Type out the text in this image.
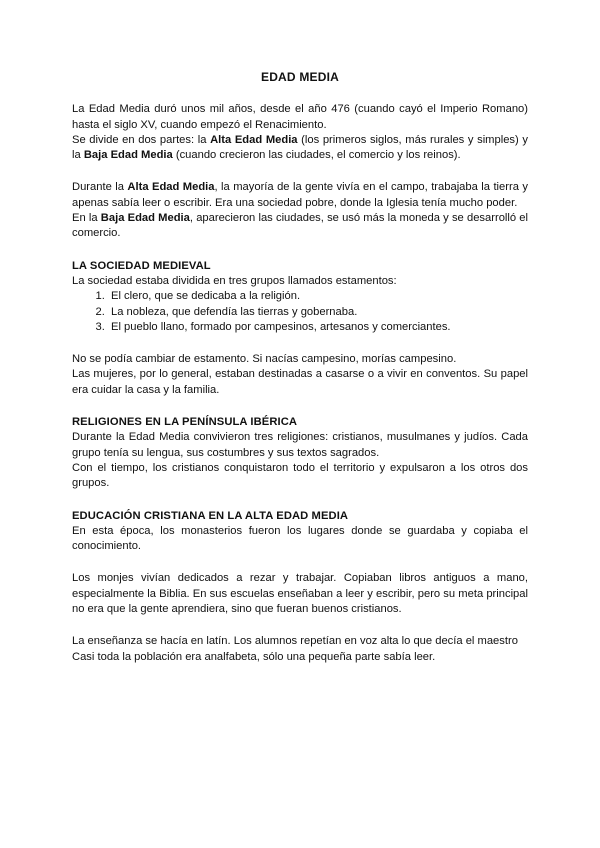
EDAD MEDIA

La Edad Media duró unos mil años, desde el año 476 (cuando cayó el Imperio Romano) hasta el siglo XV, cuando empezó el Renacimiento.

Se divide en dos partes: la Alta Edad Media (los primeros siglos, más rurales y simples) y la Baja Edad Media (cuando crecieron las ciudades, el comercio y los reinos).

Durante la Alta Edad Media, la mayoría de la gente vivía en el campo, trabajaba la tierra y apenas sabía leer o escribir. Era una sociedad pobre, donde la Iglesia tenía mucho poder.

En la Baja Edad Media, aparecieron las ciudades, se usó más la moneda y se desarrolló el comercio.

LA SOCIEDAD MEDIEVAL

La sociedad estaba dividida en tres grupos llamados estamentos:

1. El clero, que se dedicaba a la religión.
2. La nobleza, que defendía las tierras y gobernaba.
3. El pueblo llano, formado por campesinos, artesanos y comerciantes.

No se podía cambiar de estamento. Si nacías campesino, morías campesino.

Las mujeres, por lo general, estaban destinadas a casarse o a vivir en conventos. Su papel era cuidar la casa y la familia.

RELIGIONES EN LA PENÍNSULA IBÉRICA

Durante la Edad Media convivieron tres religiones: cristianos, musulmanes y judíos. Cada grupo tenía su lengua, sus costumbres y sus textos sagrados.

Con el tiempo, los cristianos conquistaron todo el territorio y expulsaron a los otros dos grupos.

EDUCACIÓN CRISTIANA EN LA ALTA EDAD MEDIA

En esta época, los monasterios fueron los lugares donde se guardaba y copiaba el conocimiento.

Los monjes vivían dedicados a rezar y trabajar. Copiaban libros antiguos a mano, especialmente la Biblia. En sus escuelas enseñaban a leer y escribir, pero su meta principal no era que la gente aprendiera, sino que fueran buenos cristianos.

La enseñanza se hacía en latín. Los alumnos repetían en voz alta lo que decía el maestro

Casi toda la población era analfabeta, sólo una pequeña parte sabía leer.
